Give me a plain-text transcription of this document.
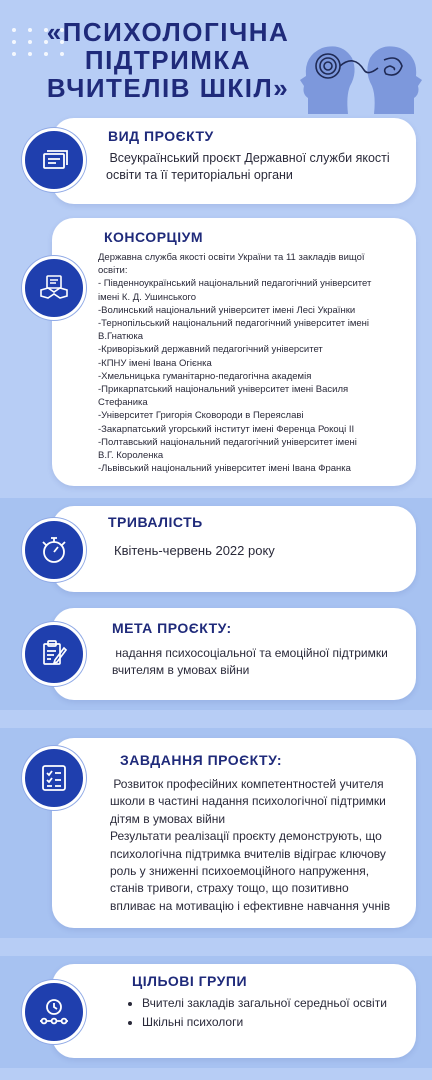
«ПСИХОЛОГІЧНА
ПІДТРИМКА
ВЧИТЕЛІВ ШКІЛ»
ВИД ПРОЄКТУ
Всеукраїнський проєкт Державної служби якості
освіти та її територіальні органи
КОНСОРЦІУМ
Державна служба якості освіти України та 11 закладів вищої
освіти:
- Південноукраїнський національний педагогічний університет
імені К. Д. Ушинського
-Волинський національний університет імені Лесі Українки
-Тернопільський національний педагогічний університет імені
В.Гнатюка
-Криворізький державний педагогічний університет
-КПНУ імені Івана Огієнка
-Хмельницька гуманітарно-педагогічна академія
-Прикарпатський національний університет імені Василя
Стефаника
-Університет Григорія Сковороди в Переяславі
-Закарпатський угорський інститут імені Ференца Рокоці ІІ
-Полтавський національний педагогічний університет імені
В.Г. Короленка
-Львівський національний університет імені Івана Франка
ТРИВАЛІСТЬ
Квітень-червень 2022 року
МЕТА ПРОЄКТУ:
надання психосоціальної та емоційної підтримки
вчителям в умовах війни
ЗАВДАННЯ ПРОЄКТУ:
Розвиток професійних компетентностей учителя
школи в частині надання психологічної підтримки
дітям в умовах війни
Результати реалізації проєкту демонструють, що
психологічна підтримка вчителів відіграє ключову
роль у зниженні психоемоційного напруження,
станів тривоги, страху тощо, що позитивно
впливає на мотивацію і ефективне навчання учнів
ЦІЛЬОВІ ГРУПИ
• Вчителі закладів загальної середньої освіти
• Шкільні психологи
